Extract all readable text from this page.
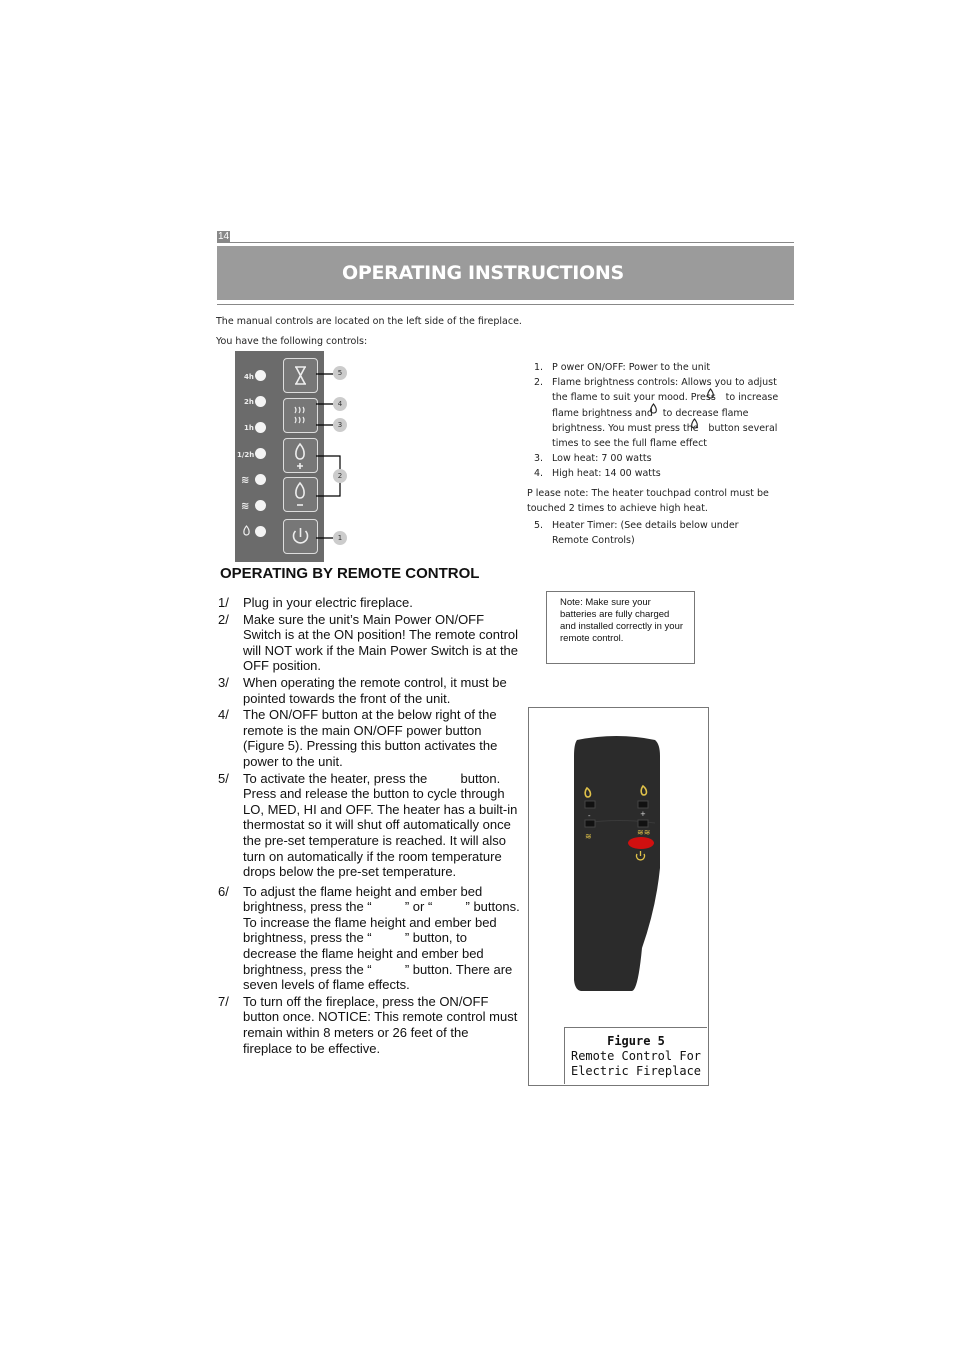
14
OPERATING INSTRUCTIONS
The manual controls are located on the left side of the fireplace.
You have the following controls:
4h
2h
1h
1/2h
≋
≋
5
4
3
2
1
1. P ower ON/OFF: Power to the unit
2. Flame brightness controls: Allows you to adjust the flame to suit your mood. Press    to increase flame brightness and    to decrease flame brightness. You must press the    button several times to see the full flame effect
3. Low heat: 7 00 watts
4. High heat: 14 00 watts
P lease note: The heater touchpad control must be touched 2 times to achieve high heat.
5. Heater Timer: (See details below under Remote Controls)
OPERATING BY REMOTE CONTROL
1/ Plug in your electric fireplace.
2/ Make sure the unit’s Main Power ON/OFF Switch is at the ON position! The remote control will NOT work if the Main Power Switch is at the OFF position.
3/ When operating the remote control, it must be pointed towards the front of the unit.
4/ The ON/OFF button at the below right of the remote is the main ON/OFF power button (Figure 5). Pressing this button activates the power to the unit.
5/ To activate the heater, press the    button. Press and release the button to cycle through LO, MED, HI and OFF. The heater has a built-in thermostat so it will shut off automatically once the pre-set temperature is reached. It will also turn on automatically if the room temperature drops below the pre-set temperature.
6/ To adjust the flame height and ember bed brightness, press the “    ” or “    ” buttons. To increase the flame height and ember bed brightness, press the “    ” button, to decrease the flame height and ember bed brightness, press the “    ” button. There are seven levels of flame effects.
7/ To turn off the fireplace, press the ON/OFF button once. NOTICE: This remote control must remain within 8 meters or 26 feet of the fireplace to be effective.

Note: Make sure your batteries are fully charged and installed correctly in your remote control.

-	+
≋	≋≋
Figure 5
Remote Control For
Electric Fireplace
